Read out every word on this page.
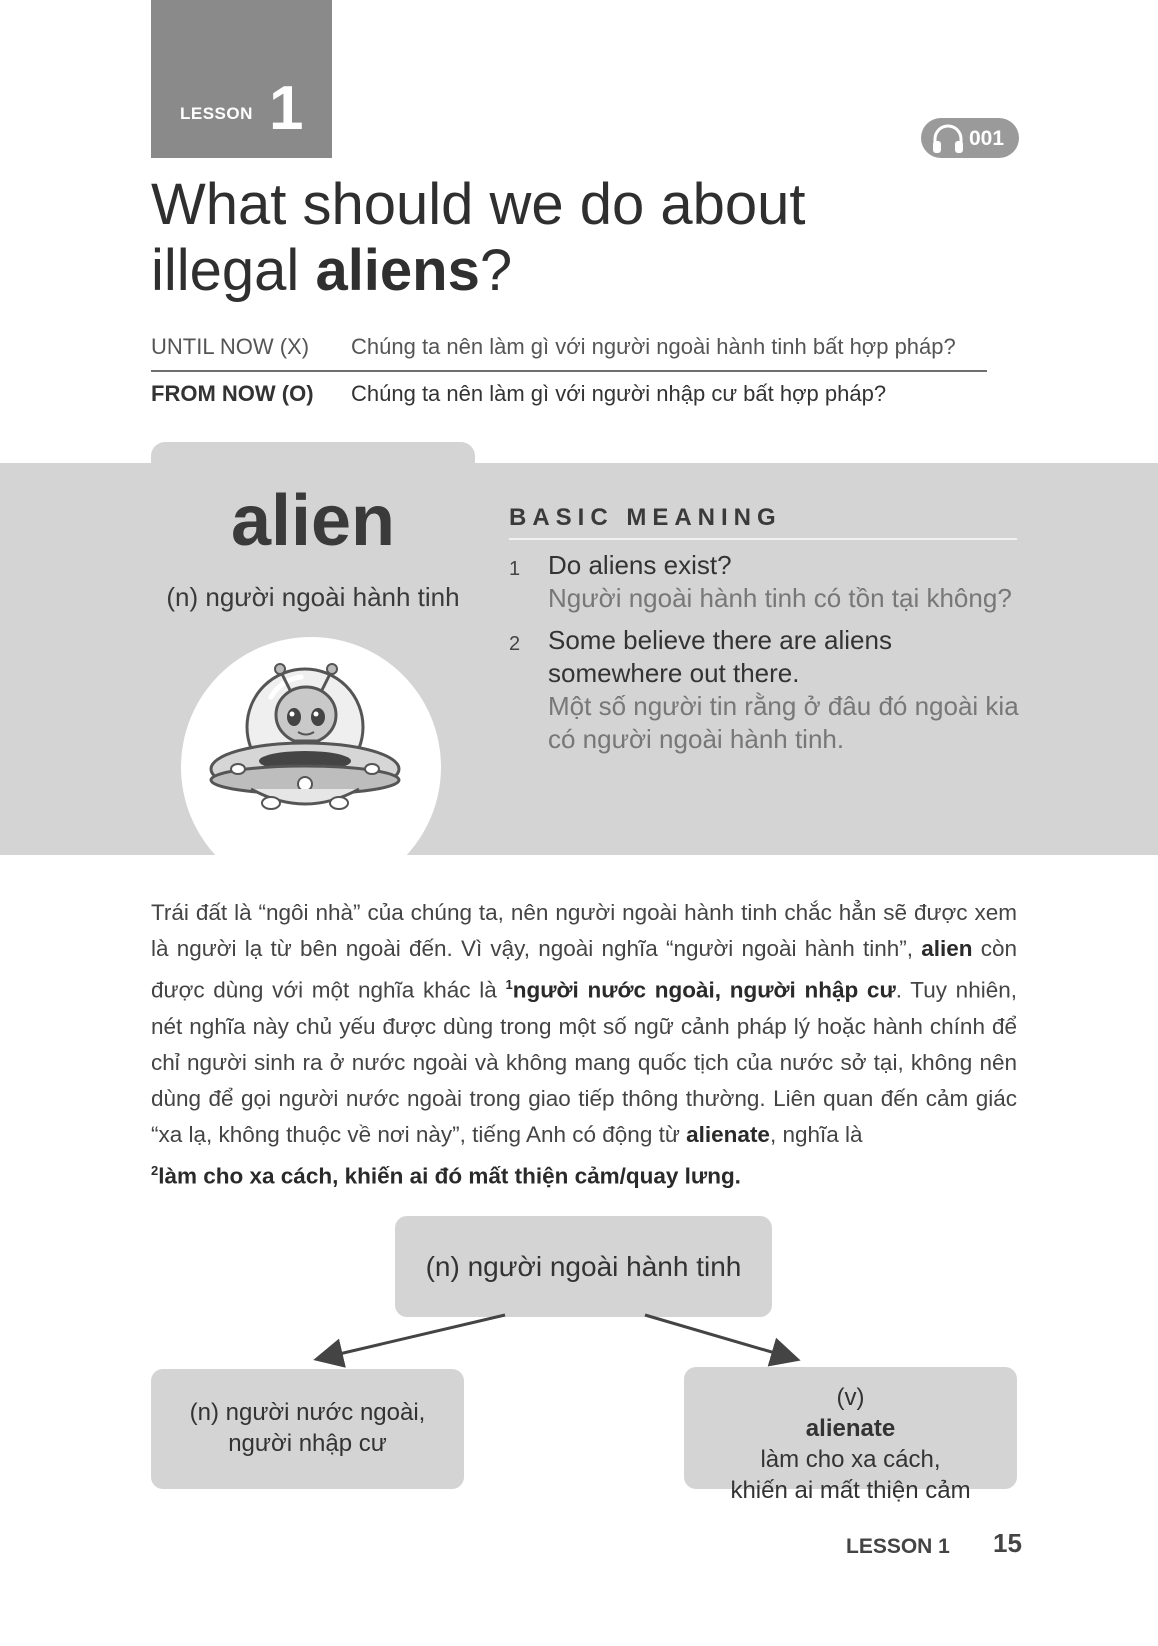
LESSON 1	001
What should we do about
illegal aliens?
UNTIL NOW (X) Chúng ta nên làm gì với người ngoài hành tinh bất hợp pháp?
FROM NOW (O) Chúng ta nên làm gì với người nhập cư bất hợp pháp?
alien
(n) người ngoài hành tinh
BASIC MEANING
1 Do aliens exist?
Người ngoài hành tinh có tồn tại không?
2 Some believe there are aliens somewhere out there.
Một số người tin rằng ở đâu đó ngoài kia có người ngoài hành tinh.

Trái đất là “ngôi nhà” của chúng ta, nên người ngoài hành tinh chắc hẳn sẽ được xem là người lạ từ bên ngoài đến. Vì vậy, ngoài nghĩa “người ngoài hành tinh”, alien còn được dùng với một nghĩa khác là $^1$người nước ngoài, người nhập cư. Tuy nhiên, nét nghĩa này chủ yếu được dùng trong một số ngữ cảnh pháp lý hoặc hành chính để chỉ người sinh ra ở nước ngoài và không mang quốc tịch của nước sở tại, không nên dùng để gọi người nước ngoài trong giao tiếp thông thường. Liên quan đến cảm giác “xa lạ, không thuộc về nơi này”, tiếng Anh có động từ alienate, nghĩa là
$^2$làm cho xa cách, khiến ai đó mất thiện cảm/quay lưng.

(n) người ngoài hành tinh
(n) người nước ngoài,
người nhập cư
(v)
alienate
làm cho xa cách,
khiến ai mất thiện cảm
LESSON 1 15
